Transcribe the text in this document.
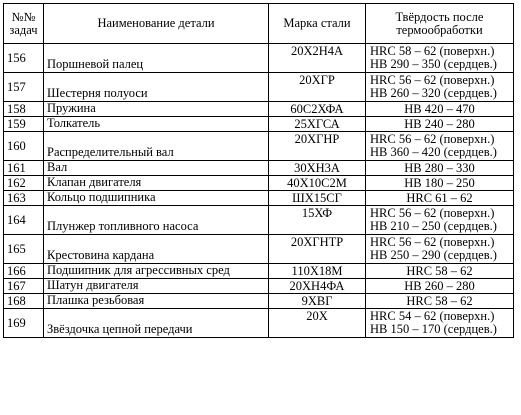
№№
задач	Наименование детали	Марка стали	Твёрдость после
термообработки

156	Поршневой палец	20Х2Н4А	HRC 58 – 62 (поверхн.)
HB 290 – 350 (сердцев.)

157	Шестерня полуоси	20ХГР	HRC 56 – 62 (поверхн.)
HB 260 – 320 (сердцев.)

158	Пружина	60С2ХФА	HB 420 – 470

159	Толкатель	25ХГСА	HB 240 – 280

160	Распределительный вал	20ХГНР	HRC 56 – 62 (поверхн.)
HB 360 – 420 (сердцев.)

161	Вал	30ХН3А	HB 280 – 330

162	Клапан двигателя	40Х10С2М	HB 180 – 250

163	Кольцо подшипника	ШХ15СГ	HRC 61 – 62

164	Плунжер топливного насоса	15ХФ	HRC 56 – 62 (поверхн.)
HB 210 – 250 (сердцев.)

165	Крестовина кардана	20ХГНТР	HRC 56 – 62 (поверхн.)
HB 250 – 290 (сердцев.)

166	Подшипник для агрессивных сред	110Х18М	HRC 58 – 62

167	Шатун двигателя	20ХН4ФА	HB 260 – 280

168	Плашка резьбовая	9ХВГ	HRC 58 – 62

169	Звёздочка цепной передачи	20Х	HRC 54 – 62 (поверхн.)
HB 150 – 170 (сердцев.)
